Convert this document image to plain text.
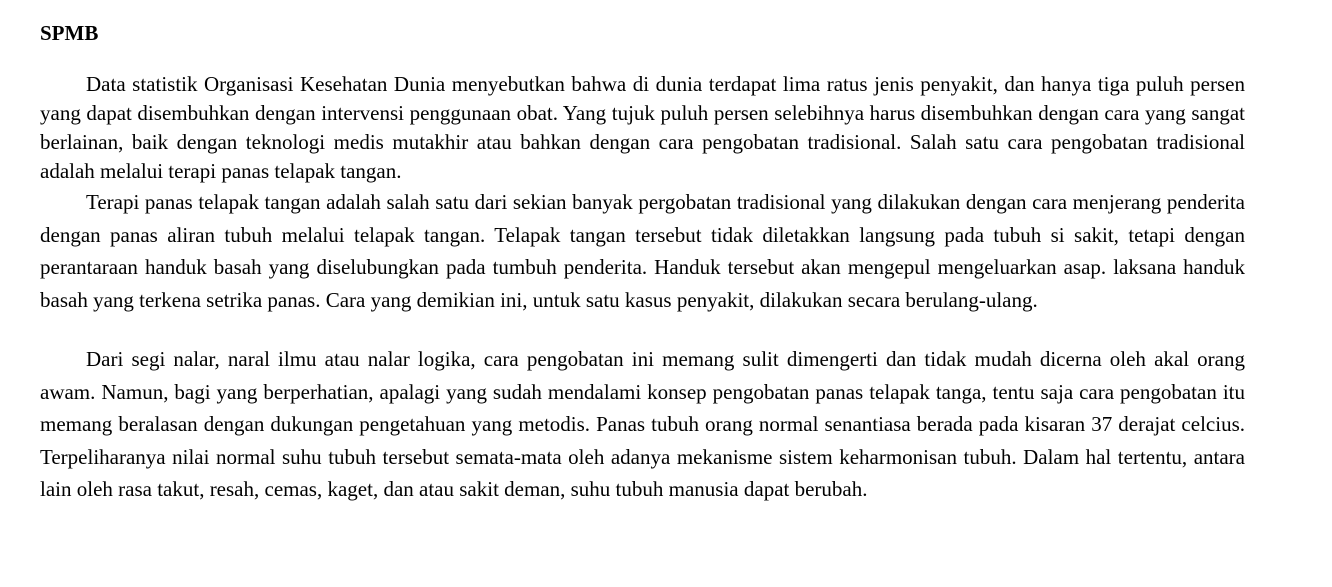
SPMB

Data statistik Organisasi Kesehatan Dunia menyebutkan bahwa di dunia terdapat lima ratus jenis penyakit, dan hanya tiga puluh persen yang dapat disembuhkan dengan intervensi penggunaan obat. Yang tujuk puluh persen selebihnya harus disembuhkan dengan cara yang sangat berlainan, baik dengan teknologi medis mutakhir atau bahkan dengan cara pengobatan tradisional. Salah satu cara pengobatan tradisional adalah melalui terapi panas telapak tangan.

Terapi panas telapak tangan adalah salah satu dari sekian banyak pergobatan tradisional yang dilakukan dengan cara menjerang penderita dengan panas aliran tubuh melalui telapak tangan. Telapak tangan tersebut tidak diletakkan langsung pada tubuh si sakit, tetapi dengan perantaraan handuk basah yang diselubungkan pada tumbuh penderita. Handuk tersebut akan mengepul mengeluarkan asap. laksana handuk basah yang terkena setrika panas. Cara yang demikian ini, untuk satu kasus penyakit, dilakukan secara berulang-ulang.

Dari segi nalar, naral ilmu atau nalar logika, cara pengobatan ini memang sulit dimengerti dan tidak mudah dicerna oleh akal orang awam. Namun, bagi yang berperhatian, apalagi yang sudah mendalami konsep pengobatan panas telapak tanga, tentu saja cara pengobatan itu memang beralasan dengan dukungan pengetahuan yang metodis. Panas tubuh orang normal senantiasa berada pada kisaran 37 derajat celcius. Terpeliharanya nilai normal suhu tubuh tersebut semata-mata oleh adanya mekanisme sistem keharmonisan tubuh. Dalam hal tertentu, antara lain oleh rasa takut, resah, cemas, kaget, dan atau sakit deman, suhu tubuh manusia dapat berubah.
